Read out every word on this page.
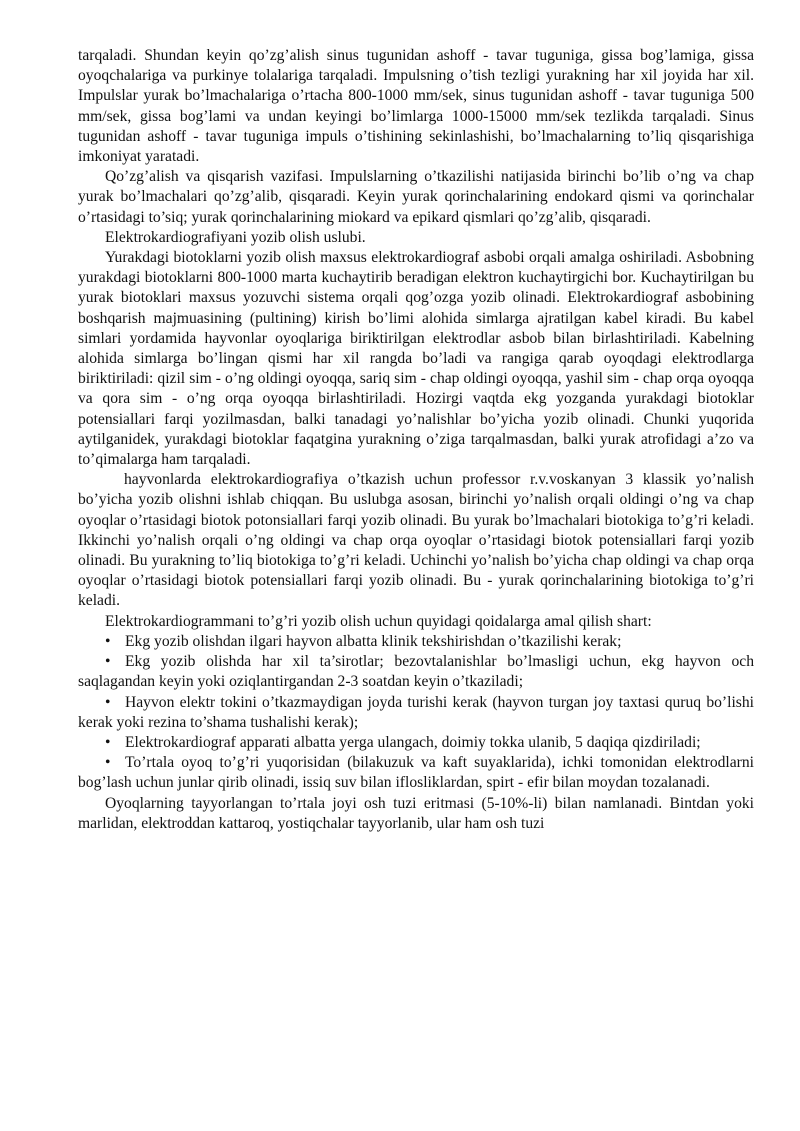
tarqaladi. Shundan keyin qo’zg’alish sinus tugunidan ashoff - tavar tuguniga, gissa bog’lamiga, gissa oyoqchalariga va purkinye tolalariga tarqaladi. Impulsning o’tish tezligi yurakning har xil joyida har xil. Impulslar yurak bo’lmachalariga o’rtacha 800-1000 mm/sek, sinus tugunidan ashoff - tavar tuguniga 500 mm/sek, gissa bog’lami va undan keyingi bo’limlarga 1000-15000 mm/sek tezlikda tarqaladi. Sinus tugunidan ashoff - tavar tuguniga impuls o’tishining sekinlashishi, bo’lmachalarning to’liq qisqarishiga imkoniyat yaratadi.

Qo’zg’alish va qisqarish vazifasi. Impulslarning o’tkazilishi natijasida birinchi bo’lib o’ng va chap yurak bo’lmachalari qo’zg’alib, qisqaradi. Keyin yurak qorinchalarining endokard qismi va qorinchalar o’rtasidagi to’siq; yurak qorinchalarining miokard va epikard qismlari qo’zg’alib, qisqaradi.

Elektrokardiografiyani yozib olish uslubi.

Yurakdagi biotoklarni yozib olish maxsus elektrokardiograf asbobi orqali amalga oshiriladi. Asbobning yurakdagi biotoklarni 800-1000 marta kuchaytirib beradigan elektron kuchaytirgichi bor. Kuchaytirilgan bu yurak biotoklari maxsus yozuvchi sistema orqali qog’ozga yozib olinadi. Elektrokardiograf asbobining boshqarish majmuasining (pultining) kirish bo’limi alohida simlarga ajratilgan kabel kiradi. Bu kabel simlari yordamida hayvonlar oyoqlariga biriktirilgan elektrodlar asbob bilan birlashtiriladi. Kabelning alohida simlarga bo’lingan qismi har xil rangda bo’ladi va rangiga qarab oyoqdagi elektrodlarga biriktiriladi: qizil sim - o’ng oldingi oyoqqa, sariq sim - chap oldingi oyoqqa, yashil sim - chap orqa oyoqqa va qora sim - o’ng orqa oyoqqa birlashtiriladi. Hozirgi vaqtda ekg yozganda yurakdagi biotoklar potensiallari farqi yozilmasdan, balki tanadagi yo’nalishlar bo’yicha yozib olinadi. Chunki yuqorida aytilganidek, yurakdagi biotoklar faqatgina yurakning o’ziga tarqalmasdan, balki yurak atrofidagi a’zo va to’qimalarga ham tarqaladi.

hayvonlarda elektrokardiografiya o’tkazish uchun professor r.v.voskanyan 3 klassik yo’nalish bo’yicha yozib olishni ishlab chiqqan. Bu uslubga asosan, birinchi yo’nalish orqali oldingi o’ng va chap oyoqlar o’rtasidagi biotok potonsiallari farqi yozib olinadi. Bu yurak bo’lmachalari biotokiga to’g’ri keladi. Ikkinchi yo’nalish orqali o’ng oldingi va chap orqa oyoqlar o’rtasidagi biotok potensiallari farqi yozib olinadi. Bu yurakning to’liq biotokiga to’g’ri keladi. Uchinchi yo’nalish bo’yicha chap oldingi va chap orqa oyoqlar o’rtasidagi biotok potensiallari farqi yozib olinadi. Bu - yurak qorinchalarining biotokiga to’g’ri keladi.

Elektrokardiogrammani to’g’ri yozib olish uchun quyidagi qoidalarga amal qilish shart:

• Ekg yozib olishdan ilgari hayvon albatta klinik tekshirishdan o’tkazilishi kerak;

• Ekg yozib olishda har xil ta’sirotlar; bezovtalanishlar bo’lmasligi uchun, ekg hayvon och saqlagandan keyin yoki oziqlantirgandan 2-3 soatdan keyin o’tkaziladi;

• Hayvon elektr tokini o’tkazmaydigan joyda turishi kerak (hayvon turgan joy taxtasi quruq bo’lishi kerak yoki rezina to’shama tushalishi kerak);

• Elektrokardiograf apparati albatta yerga ulangach, doimiy tokka ulanib, 5 daqiqa qizdiriladi;

• To’rtala oyoq to’g’ri yuqorisidan (bilakuzuk va kaft suyaklarida), ichki tomonidan elektrodlarni bog’lash uchun junlar qirib olinadi, issiq suv bilan iflosliklardan, spirt - efir bilan moydan tozalanadi.

Oyoqlarning tayyorlangan to’rtala joyi osh tuzi eritmasi (5-10%-li) bilan namlanadi. Bintdan yoki marlidan, elektroddan kattaroq, yostiqchalar tayyorlanib, ular ham osh tuzi
